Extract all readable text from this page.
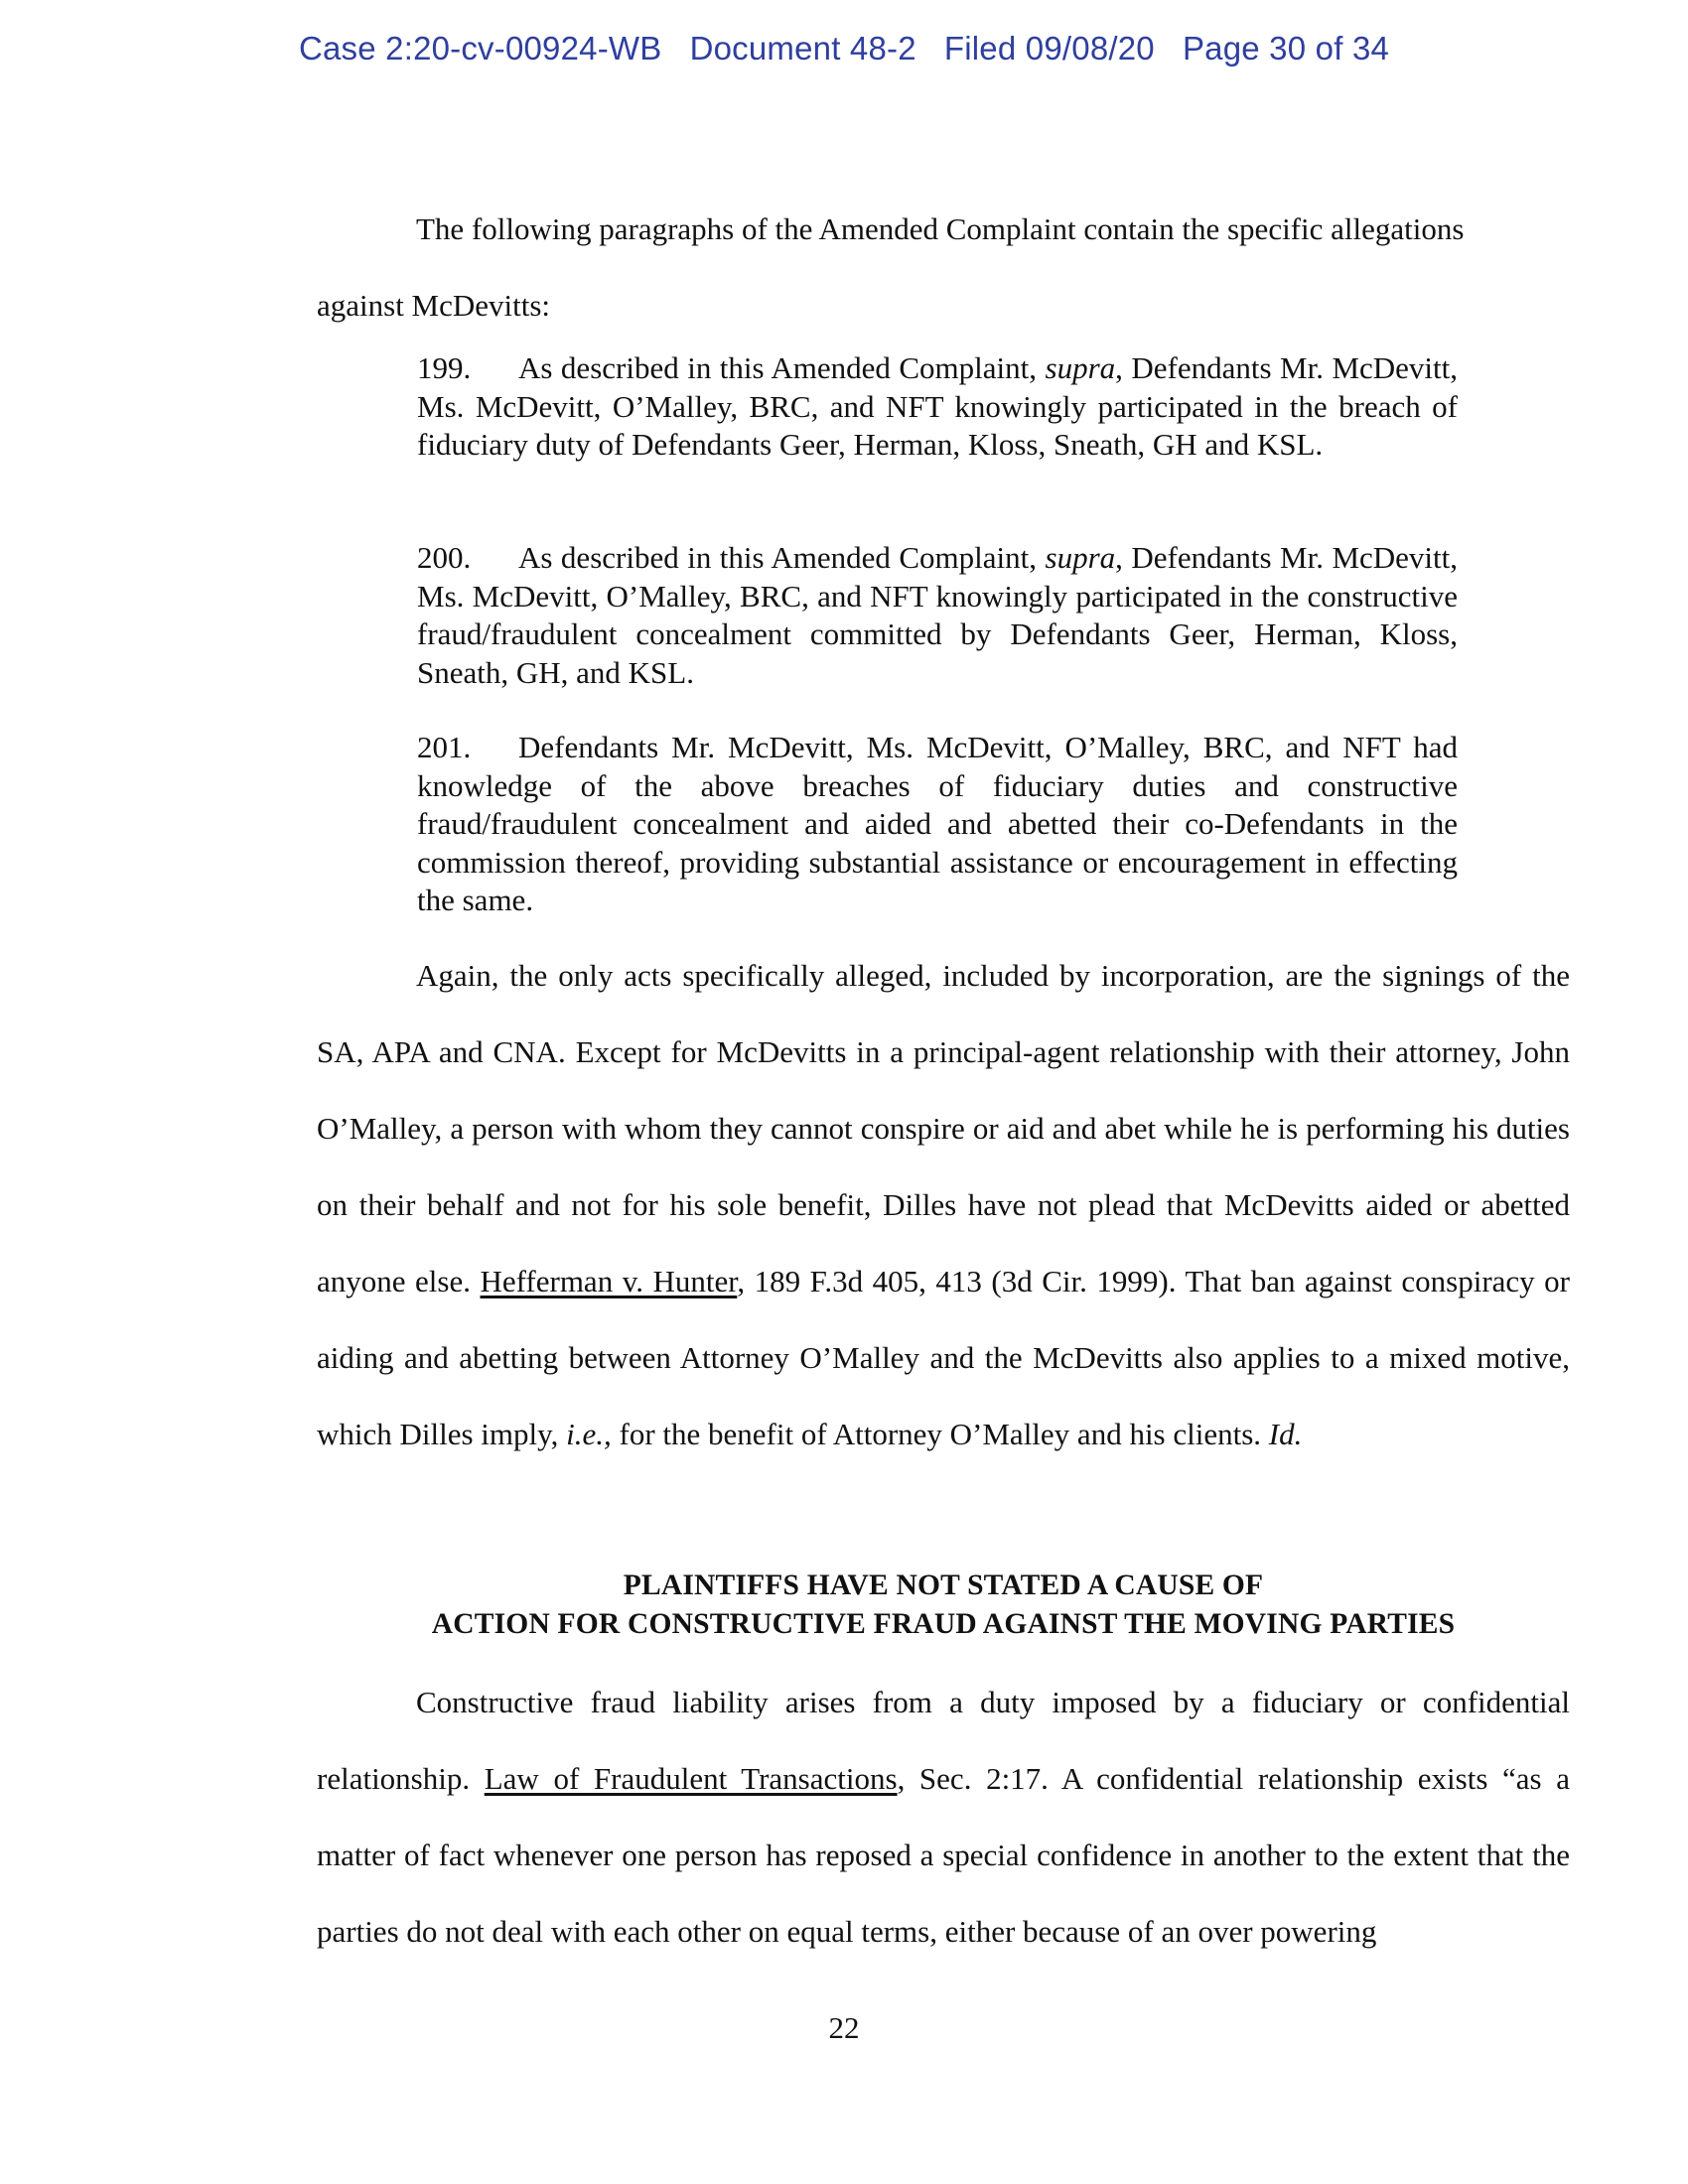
Case 2:20-cv-00924-WB   Document 48-2   Filed 09/08/20   Page 30 of 34

The following paragraphs of the Amended Complaint contain the specific allegations

against McDevitts:

199. As described in this Amended Complaint, supra, Defendants Mr. McDevitt, Ms. McDevitt, O’Malley, BRC, and NFT knowingly participated in the breach of fiduciary duty of Defendants Geer, Herman, Kloss, Sneath, GH and KSL.

200. As described in this Amended Complaint, supra, Defendants Mr. McDevitt, Ms. McDevitt, O’Malley, BRC, and NFT knowingly participated in the constructive fraud/fraudulent concealment committed by Defendants Geer, Herman, Kloss, Sneath, GH, and KSL.

201. Defendants Mr. McDevitt, Ms. McDevitt, O’Malley, BRC, and NFT had knowledge of the above breaches of fiduciary duties and constructive fraud/fraudulent concealment and aided and abetted their co-Defendants in the commission thereof, providing substantial assistance or encouragement in effecting the same.

Again, the only acts specifically alleged, included by incorporation, are the signings of the SA, APA and CNA. Except for McDevitts in a principal-agent relationship with their attorney, John O’Malley, a person with whom they cannot conspire or aid and abet while he is performing his duties on their behalf and not for his sole benefit, Dilles have not plead that McDevitts aided or abetted anyone else. Hefferman v. Hunter, 189 F.3d 405, 413 (3d Cir. 1999). That ban against conspiracy or aiding and abetting between Attorney O’Malley and the McDevitts also applies to a mixed motive, which Dilles imply, i.e., for the benefit of Attorney O’Malley and his clients. Id.

PLAINTIFFS HAVE NOT STATED A CAUSE OF
ACTION FOR CONSTRUCTIVE FRAUD AGAINST THE MOVING PARTIES

Constructive fraud liability arises from a duty imposed by a fiduciary or confidential relationship. Law of Fraudulent Transactions, Sec. 2:17. A confidential relationship exists “as a matter of fact whenever one person has reposed a special confidence in another to the extent that the parties do not deal with each other on equal terms, either because of an over powering

22
